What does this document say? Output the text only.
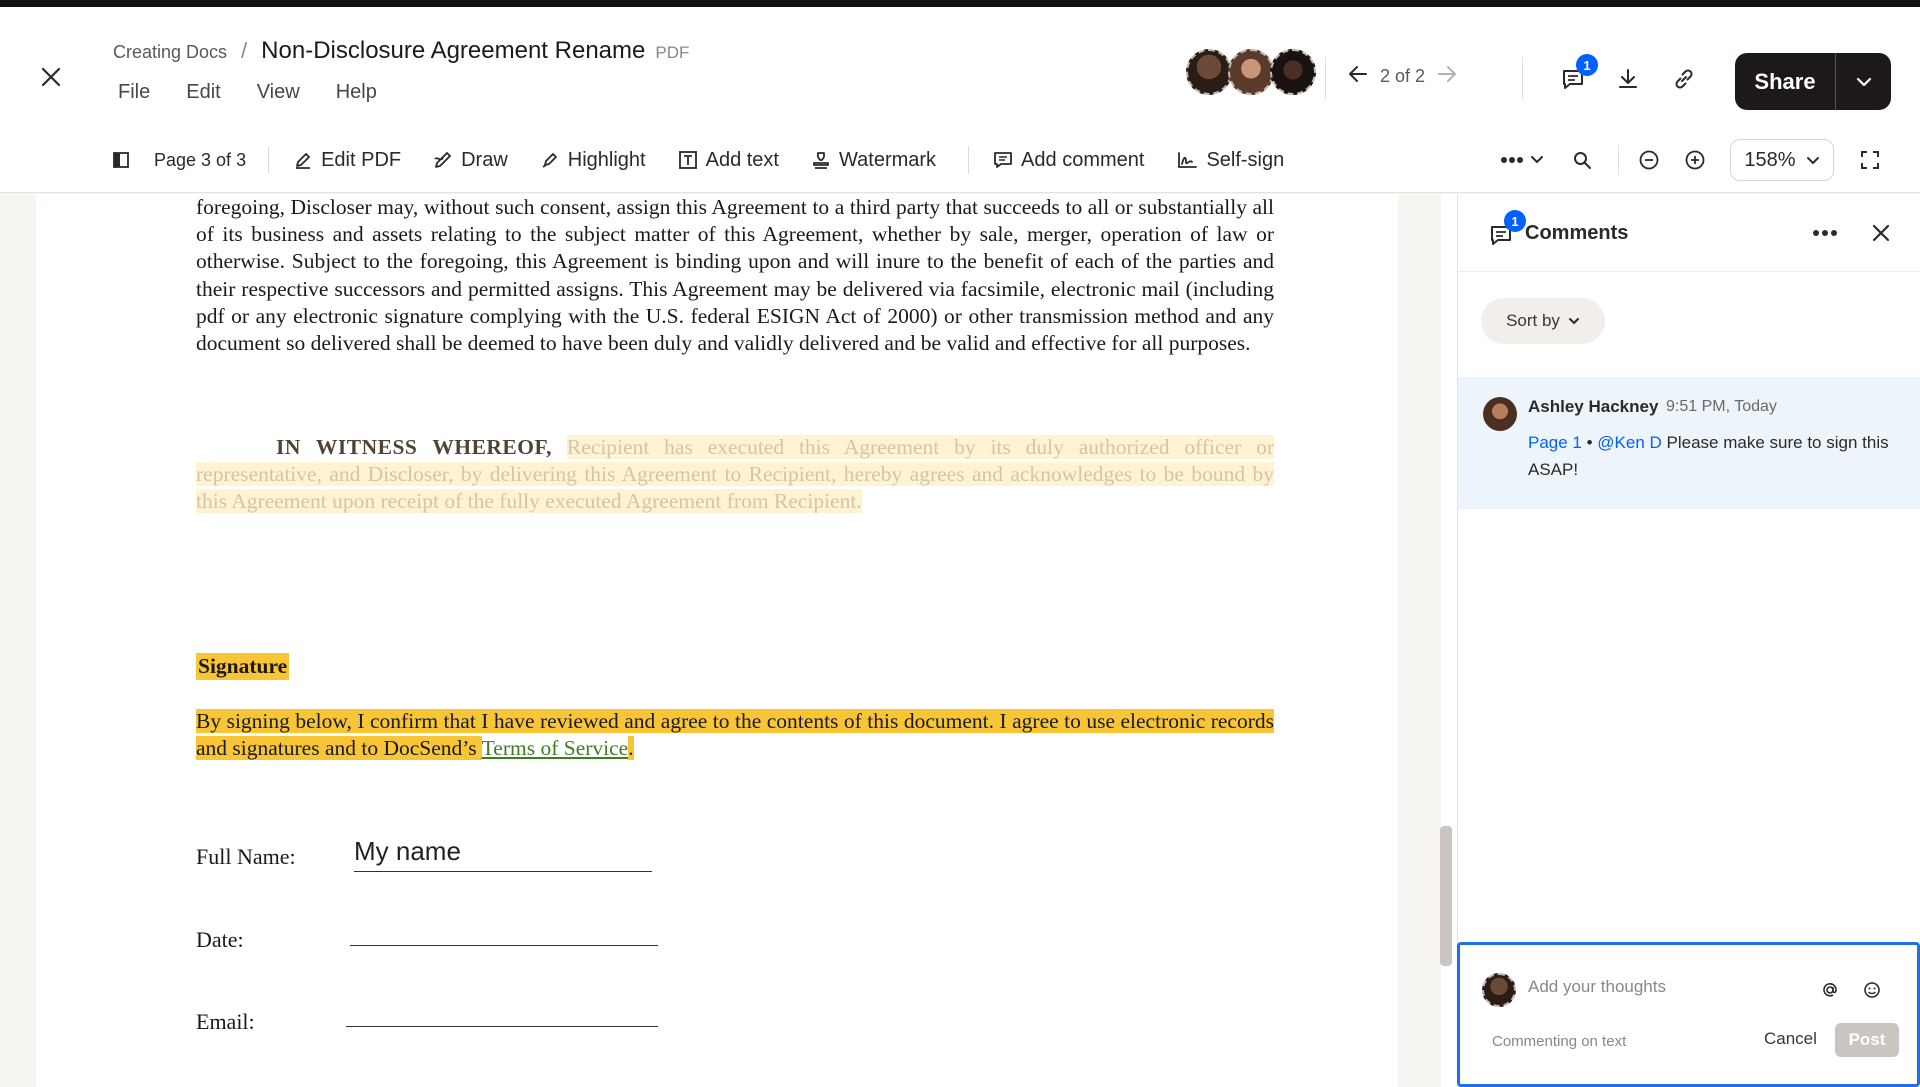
Creating Docs / Non-Disclosure Agreement Rename PDF
File Edit View Help
2 of 2
1
Share
Page 3 of 3	Edit PDF	Draw	Highlight	Add text	Watermark	Add comment	Self-sign	158%

foregoing, Discloser may, without such consent, assign this Agreement to a third party that succeeds to all or substantially all of its business and assets relating to the subject matter of this Agreement, whether by sale, merger, operation of law or otherwise. Subject to the foregoing, this Agreement is binding upon and will inure to the benefit of each of the parties and their respective successors and permitted assigns. This Agreement may be delivered via facsimile, electronic mail (including pdf or any electronic signature complying with the U.S. federal ESIGN Act of 2000) or other transmission method and any document so delivered shall be deemed to have been duly and validly delivered and be valid and effective for all purposes.

IN WITNESS WHEREOF, Recipient has executed this Agreement by its duly authorized officer or representative, and Discloser, by delivering this Agreement to Recipient, hereby agrees and acknowledges to be bound by this Agreement upon receipt of the fully executed Agreement from Recipient.

Signature

By signing below, I confirm that I have reviewed and agree to the contents of this document. I agree to use electronic records and signatures and to DocSend’s Terms of Service.

Full Name: My name
Date:
Email:
1
Comments
Sort by
Ashley Hackney 9:51 PM, Today
Page 1 • @Ken D Please make sure to sign this ASAP!
Add your thoughts
Commenting on text	Cancel	Post
